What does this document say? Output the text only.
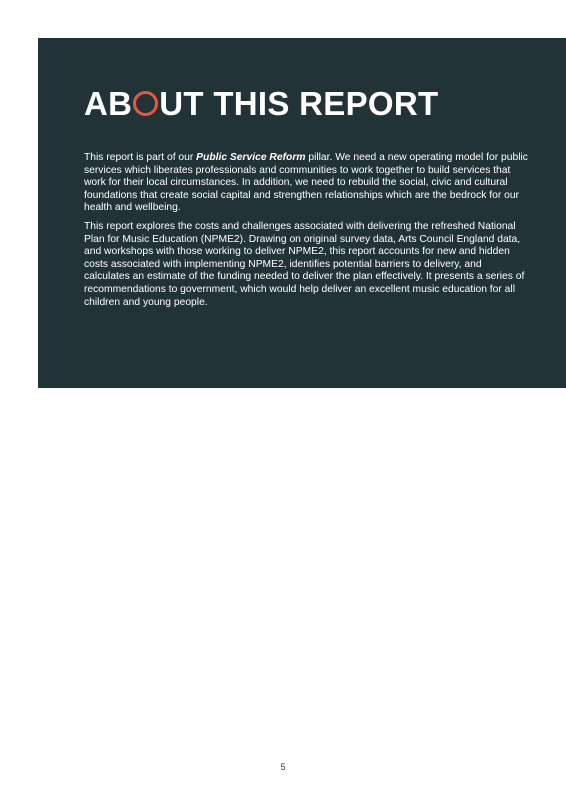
AB UT THIS REPORT

This report is part of our Public Service Reform pillar. We need a new operating model for public services which liberates professionals and communities to work together to build services that work for their local circumstances. In addition, we need to rebuild the social, civic and cultural foundations that create social capital and strengthen relationships which are the bedrock for our health and wellbeing.

This report explores the costs and challenges associated with delivering the refreshed National Plan for Music Education (NPME2). Drawing on original survey data, Arts Council England data, and workshops with those working to deliver NPME2, this report accounts for new and hidden costs associated with implementing NPME2, identifies potential barriers to delivery, and calculates an estimate of the funding needed to deliver the plan effectively. It presents a series of recommendations to government, which would help deliver an excellent music education for all children and young people.

5
